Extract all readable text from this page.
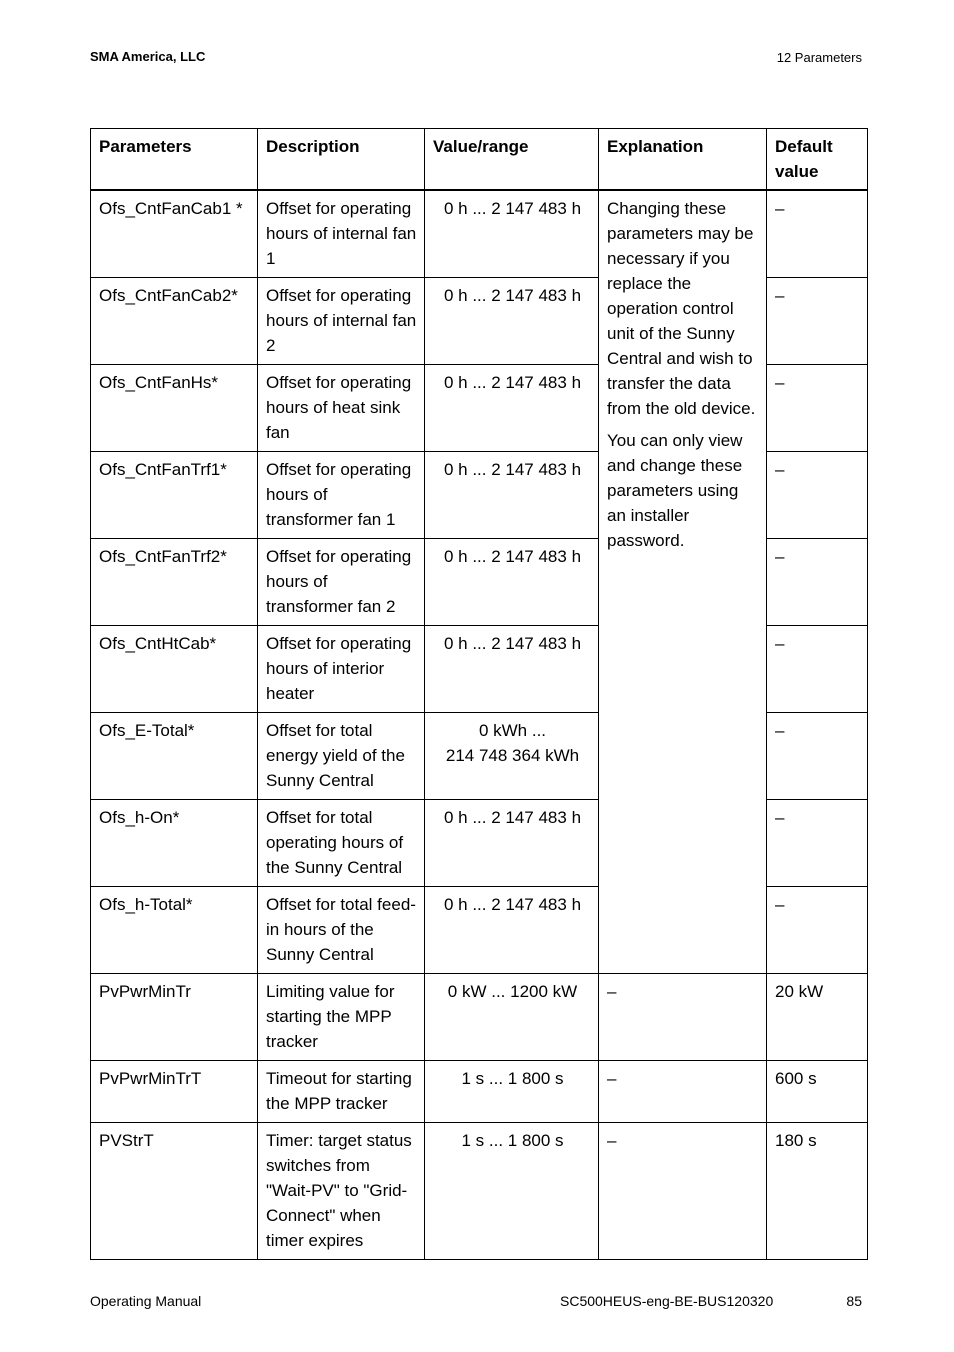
SMA America, LLC	12 Parameters
Parameters	Description	Value/range	Explanation	Default value
Ofs_CntFanCab1 *	Offset for operating hours of internal fan 1	0 h ... 2 147 483 h	Changing these parameters may be necessary if you replace the operation control unit of the Sunny Central and wish to transfer the data from the old device.

You can only view and change these parameters using an installer password.	–
Ofs_CntFanCab2*	Offset for operating hours of internal fan 2	0 h ... 2 147 483 h		–
Ofs_CntFanHs*	Offset for operating hours of heat sink fan	0 h ... 2 147 483 h		–
Ofs_CntFanTrf1*	Offset for operating hours of transformer fan 1	0 h ... 2 147 483 h		–
Ofs_CntFanTrf2*	Offset for operating hours of transformer fan 2	0 h ... 2 147 483 h		–
Ofs_CntHtCab*	Offset for operating hours of interior heater	0 h ... 2 147 483 h		–
Ofs_E-Total*	Offset for total energy yield of the Sunny Central	0 kWh ...
214 748 364 kWh		–
Ofs_h-On*	Offset for total operating hours of the Sunny Central	0 h ... 2 147 483 h		–
Ofs_h-Total*	Offset for total feed-in hours of the Sunny Central	0 h ... 2 147 483 h		–
PvPwrMinTr	Limiting value for starting the MPP tracker	0 kW ... 1200 kW	–	20 kW
PvPwrMinTrT	Timeout for starting the MPP tracker	1 s ... 1 800 s	–	600 s
PVStrT	Timer: target status switches from "Wait-PV" to "Grid-Connect" when timer expires	1 s ... 1 800 s	–	180 s
Operating Manual	SC500HEUS-eng-BE-BUS120320	85
